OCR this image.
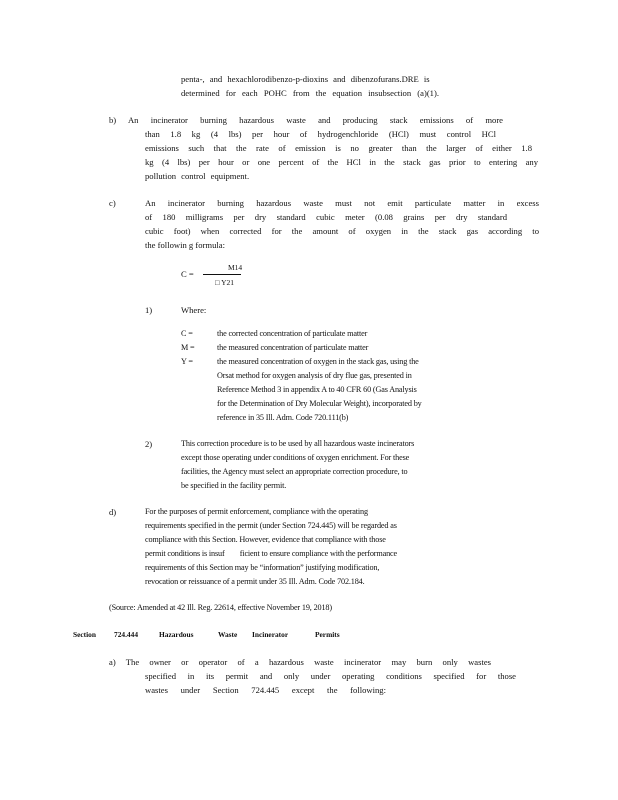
penta-, and hexachlorodibenzo-p-dioxins and dibenzofurans.DRE is

determined for each POHC from the equation insubsection (a)(1).

b) An incinerator burning hazardous waste and producing stack emissions of more

than 1.8 kg (4 lbs) per hour of hydrogenchloride (HCl) must control HCl

emissions such that the rate of emission is no greater than the larger of either 1.8

kg (4 lbs) per hour or one percent of the HCl in the stack gas prior to entering any

pollution control equipment.

c)	An incinerator burning hazardous waste must not emit particulate matter in excess

of 180 milligrams per dry standard cubic meter (0.08 grains per dry standard

cubic foot) when corrected for the amount of oxygen in the stack gas according to

the followin g formula:

C =
M14
□ Y21

1)	Where:

C =	the corrected concentration of particulate matter

M =	the measured concentration of particulate matter

Y =	the measured concentration of oxygen in the stack gas, using the

Orsat method for oxygen analysis of dry flue gas, presented in

Reference Method 3 in appendix A to 40 CFR 60 (Gas Analysis

for the Determination of Dry Molecular Weight), incorporated by

reference in 35 Ill. Adm. Code 720.111(b)

2)	This correction procedure is to be used by all hazardous waste incinerators

except those operating under conditions of oxygen enrichment. For these

facilities, the Agency must select an appropriate correction procedure, to

be specified in the facility permit.

d)	For the purposes of permit enforcement, compliance with the operating

requirements specified in the permit (under Section 724.445) will be regarded as

compliance with this Section. However, evidence that compliance with those

permit conditions is insuf        ficient to ensure compliance with the performance

requirements of this Section may be “information” justifying modification,

revocation or reissuance of a permit under 35 Ill. Adm. Code 702.184.

(Source: Amended at 42 Ill. Reg. 22614, effective November 19, 2018)

Section 724.444	Hazardous	Waste Incinerator	Permits

a) The owner or operator of a hazardous waste incinerator may burn only wastes

specified in its permit and only under operating conditions specified for those

wastes under Section 724.445 except the following:
